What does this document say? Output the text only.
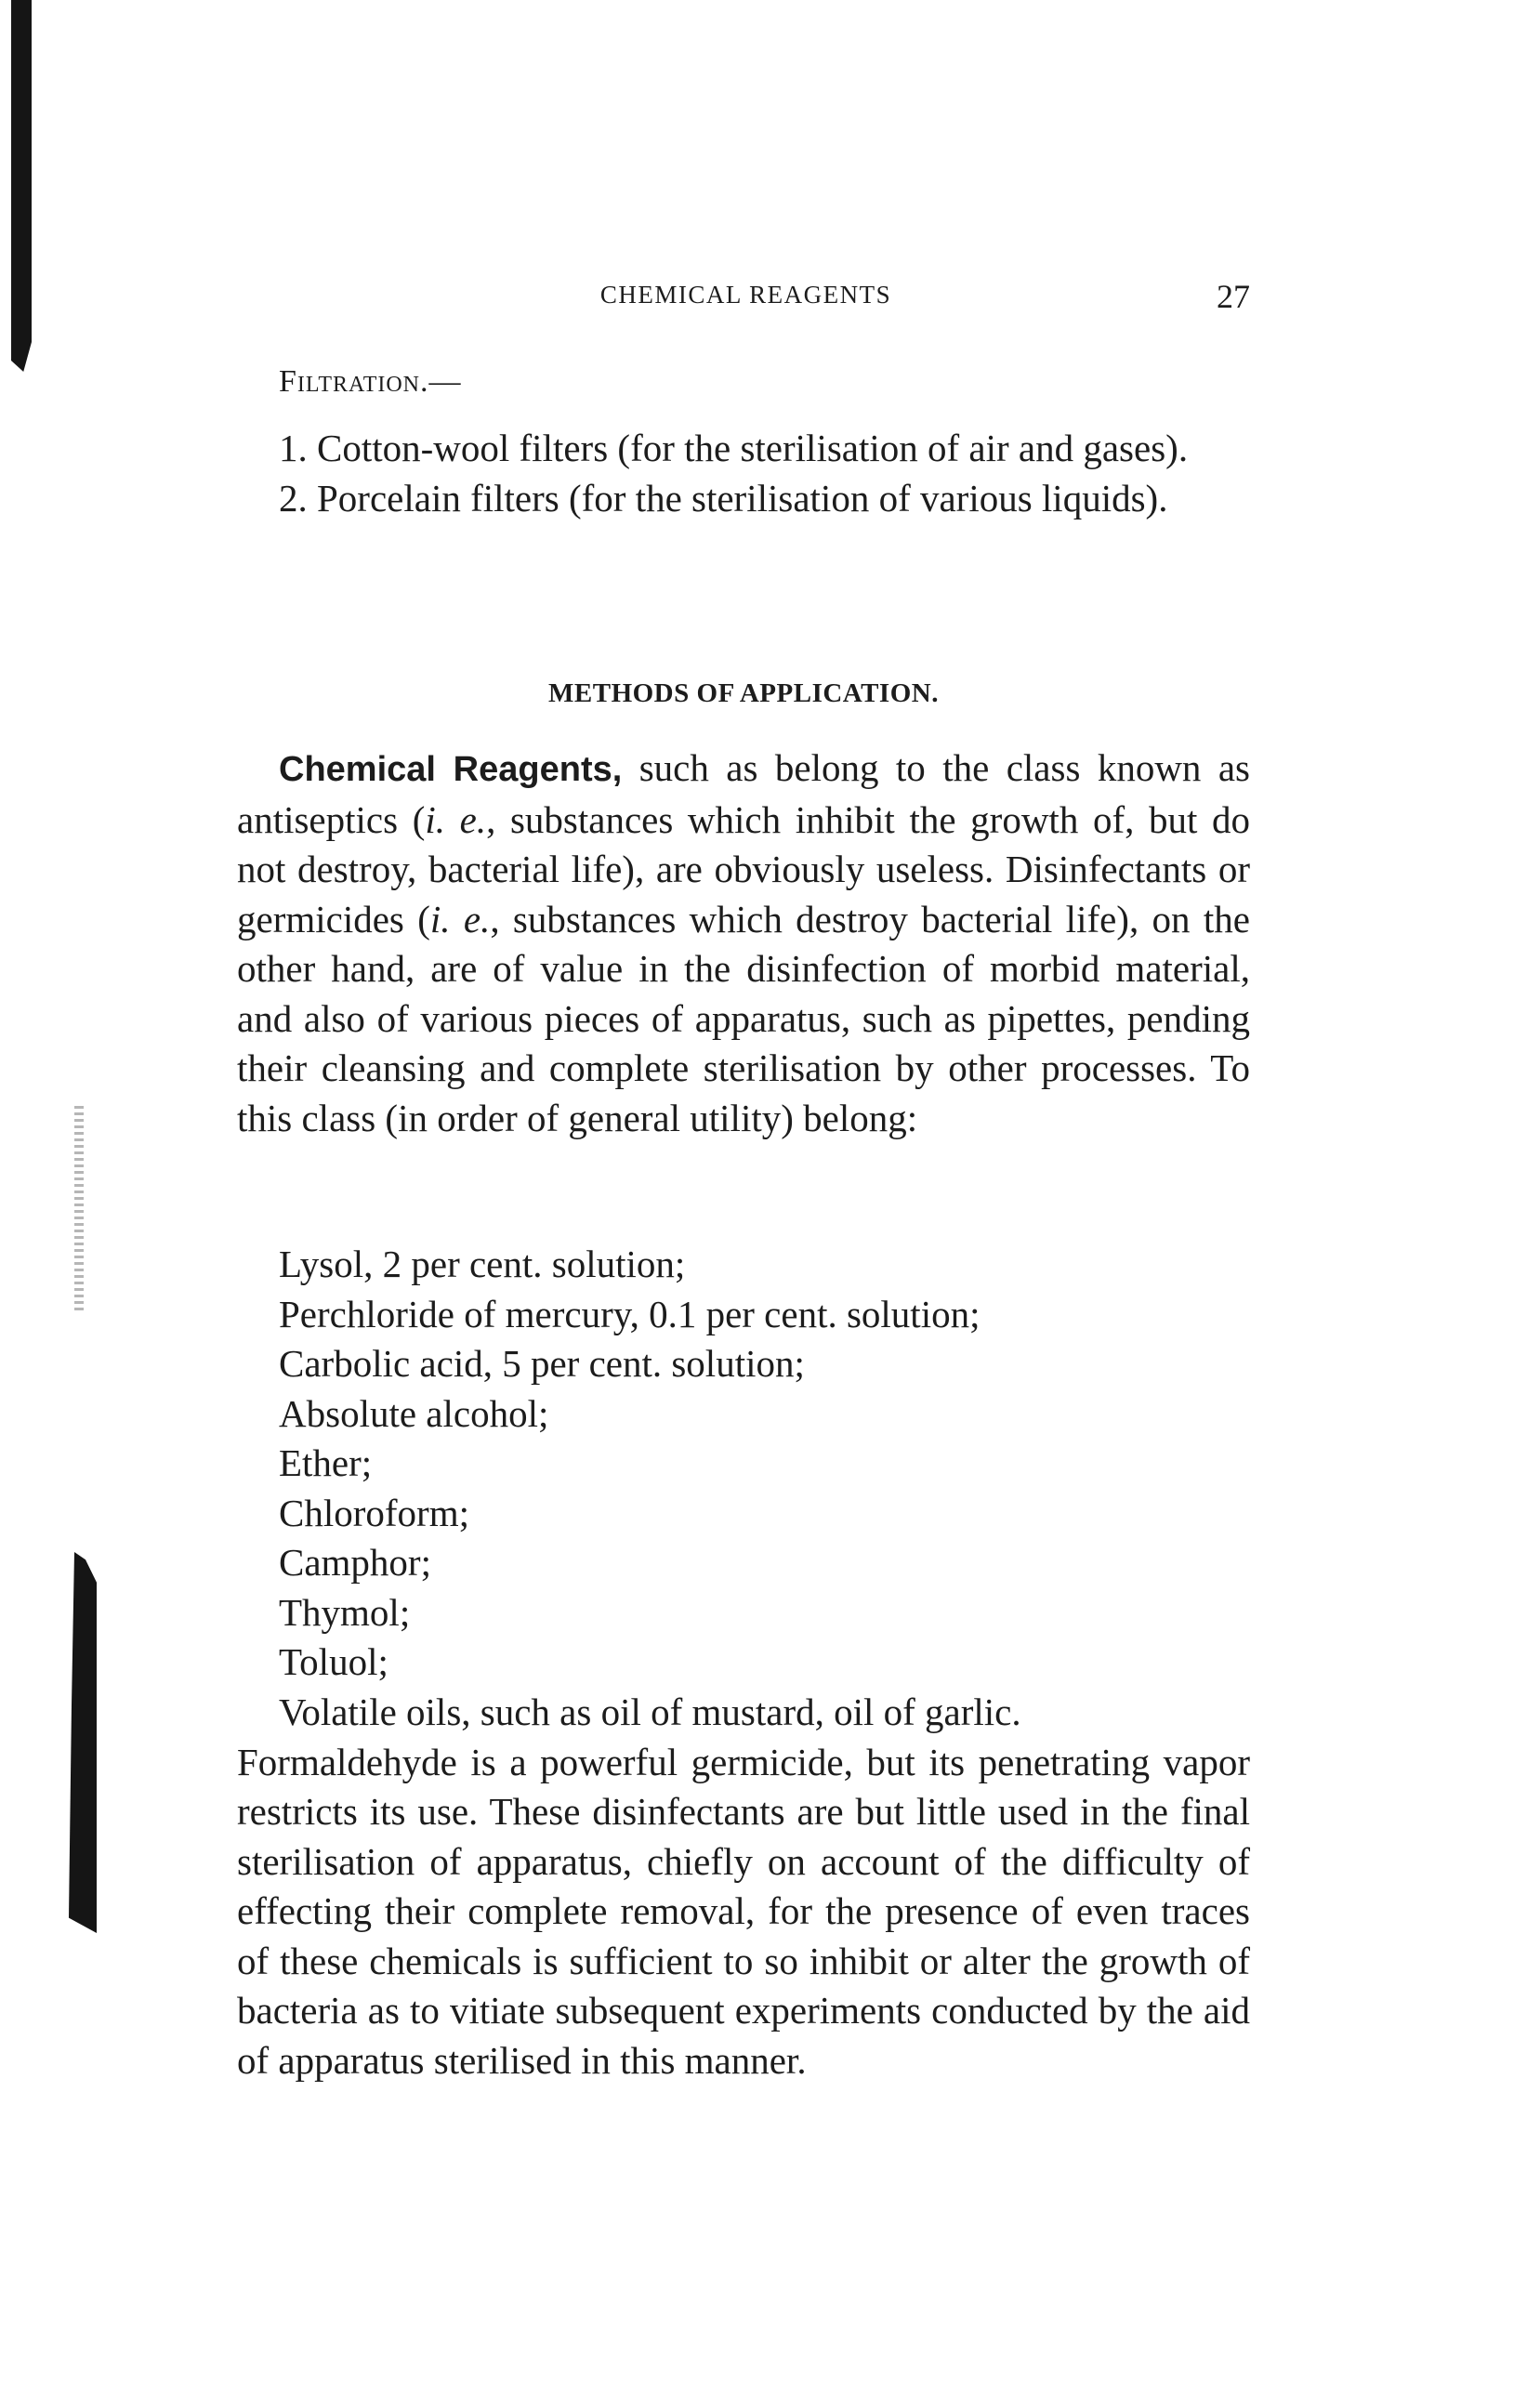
CHEMICAL REAGENTS	27
Filtration.—

1. Cotton-wool filters (for the sterilisation of air and gases).

2. Porcelain filters (for the sterilisation of various liquids).

METHODS OF APPLICATION.

Chemical Reagents, such as belong to the class known as antiseptics (i. e., substances which inhibit the growth of, but do not destroy, bacterial life), are obviously useless. Disinfectants or germicides (i. e., substances which destroy bacterial life), on the other hand, are of value in the disinfection of morbid material, and also of various pieces of apparatus, such as pipettes, pending their cleansing and complete sterilisation by other processes. To this class (in order of general utility) belong:

Lysol, 2 per cent. solution;
Perchloride of mercury, 0.1 per cent. solution;
Carbolic acid, 5 per cent. solution;
Absolute alcohol;
Ether;
Chloroform;
Camphor;
Thymol;
Toluol;

Volatile oils, such as oil of mustard, oil of garlic.

Formaldehyde is a powerful germicide, but its penetrating vapor restricts its use. These disinfectants are but little used in the final sterilisation of apparatus, chiefly on account of the difficulty of effecting their complete removal, for the presence of even traces of these chemicals is sufficient to so inhibit or alter the growth of bacteria as to vitiate subsequent experiments conducted by the aid of apparatus sterilised in this manner.
